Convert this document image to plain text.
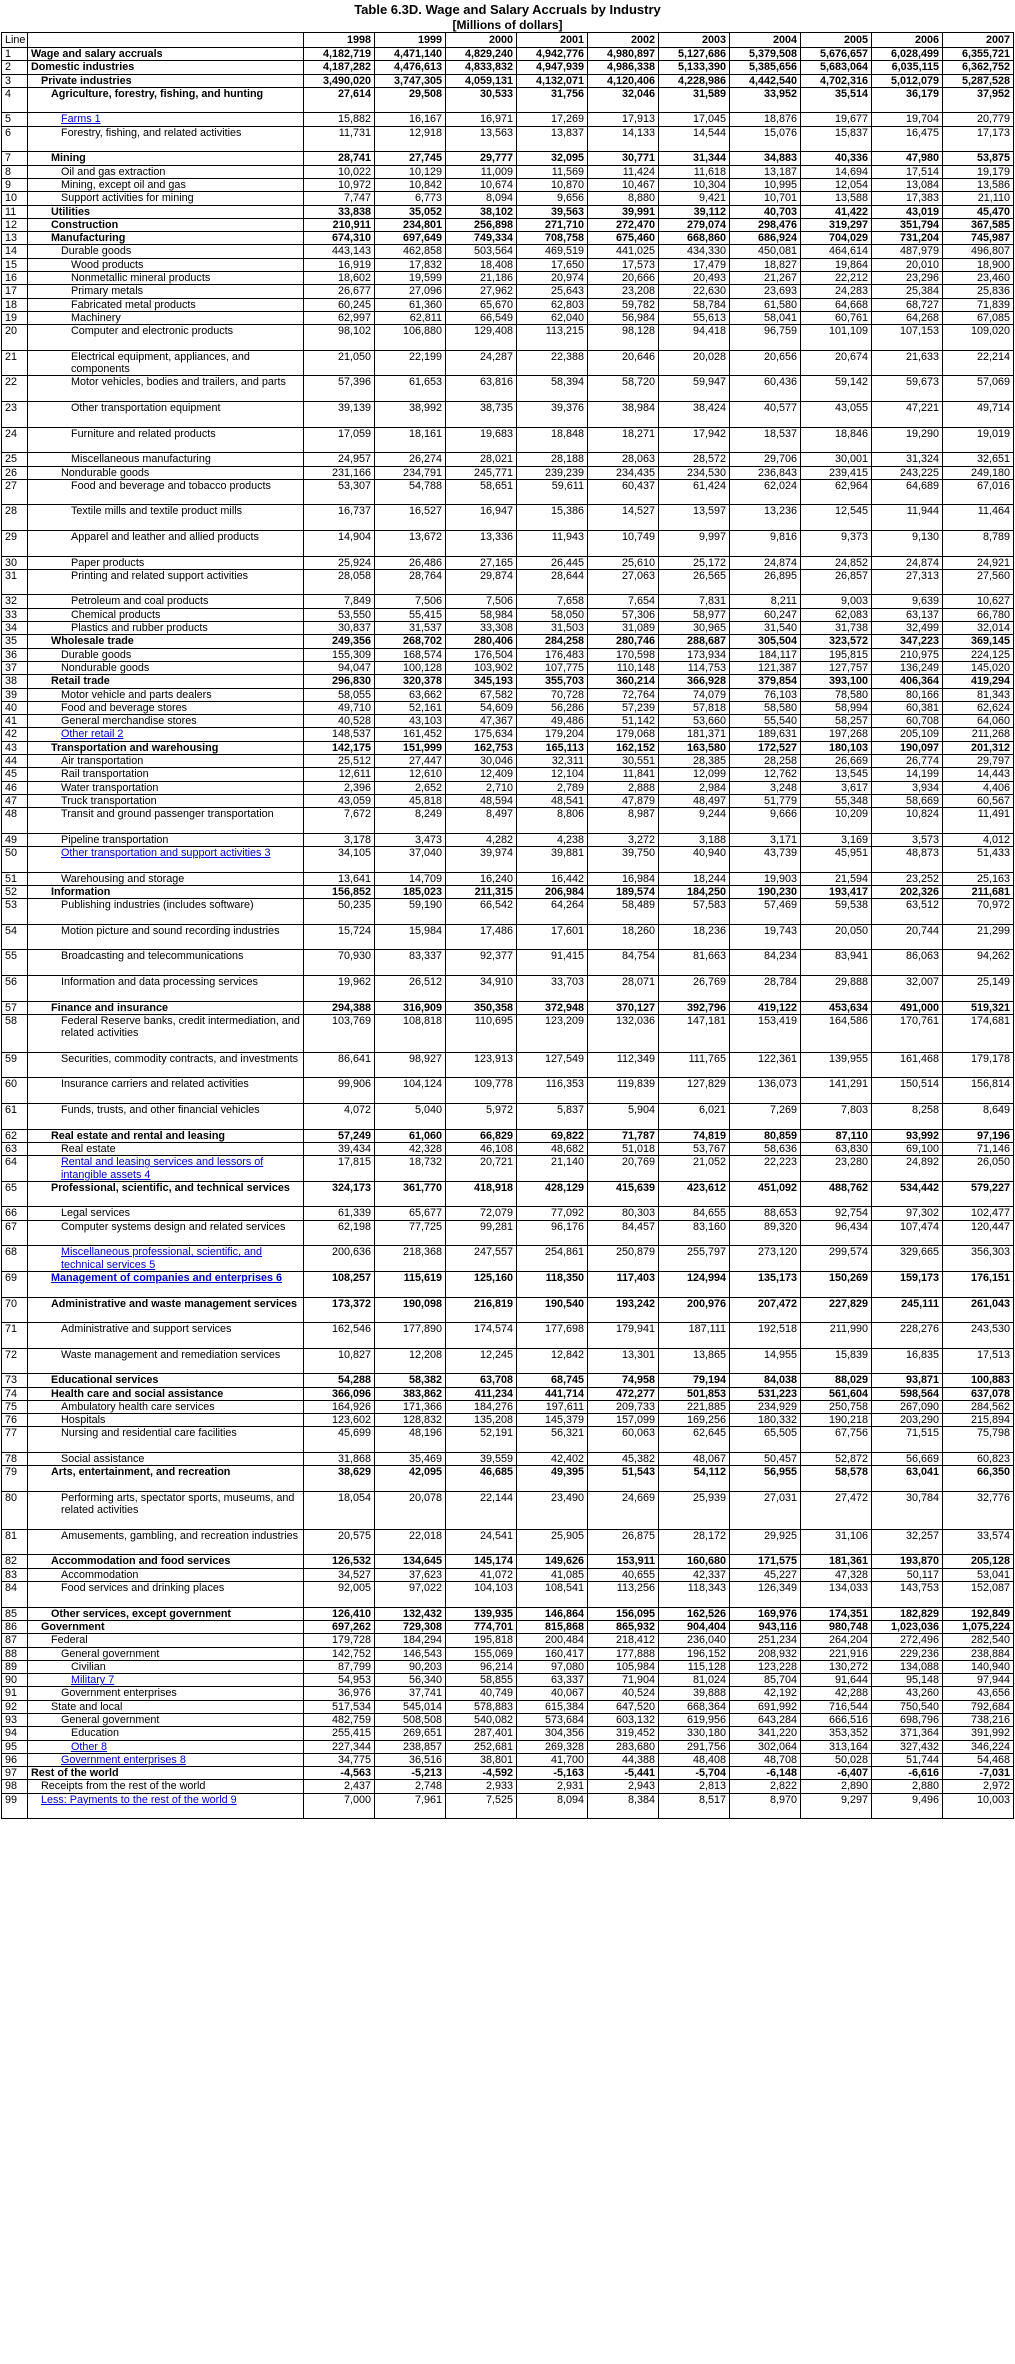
Table 6.3D. Wage and Salary Accruals by Industry
[Millions of dollars]
Line		1998	1999	2000	2001	2002	2003	2004	2005	2006	2007
1	Wage and salary accruals	4,182,719	4,471,140	4,829,240	4,942,776	4,980,897	5,127,686	5,379,508	5,676,657	6,028,499	6,355,721
2	Domestic industries	4,187,282	4,476,613	4,833,832	4,947,939	4,986,338	5,133,390	5,385,656	5,683,064	6,035,115	6,362,752
3	Private industries	3,490,020	3,747,305	4,059,131	4,132,071	4,120,406	4,228,986	4,442,540	4,702,316	5,012,079	5,287,528
4	Agriculture, forestry, fishing, and hunting	27,614	29,508	30,533	31,756	32,046	31,589	33,952	35,514	36,179	37,952
5	Farms 1	15,882	16,167	16,971	17,269	17,913	17,045	18,876	19,677	19,704	20,779
6	Forestry, fishing, and related activities	11,731	12,918	13,563	13,837	14,133	14,544	15,076	15,837	16,475	17,173
7	Mining	28,741	27,745	29,777	32,095	30,771	31,344	34,883	40,336	47,980	53,875
8	Oil and gas extraction	10,022	10,129	11,009	11,569	11,424	11,618	13,187	14,694	17,514	19,179
9	Mining, except oil and gas	10,972	10,842	10,674	10,870	10,467	10,304	10,995	12,054	13,084	13,586
10	Support activities for mining	7,747	6,773	8,094	9,656	8,880	9,421	10,701	13,588	17,383	21,110
11	Utilities	33,838	35,052	38,102	39,563	39,991	39,112	40,703	41,422	43,019	45,470
12	Construction	210,911	234,801	256,898	271,710	272,470	279,074	298,476	319,297	351,794	367,585
13	Manufacturing	674,310	697,649	749,334	708,758	675,460	668,860	686,924	704,029	731,204	745,987
14	Durable goods	443,143	462,858	503,564	469,519	441,025	434,330	450,081	464,614	487,979	496,807
15	Wood products	16,919	17,832	18,408	17,650	17,573	17,479	18,827	19,864	20,010	18,900
16	Nonmetallic mineral products	18,602	19,599	21,186	20,974	20,666	20,493	21,267	22,212	23,296	23,460
17	Primary metals	26,677	27,096	27,962	25,643	23,208	22,630	23,693	24,283	25,384	25,836
18	Fabricated metal products	60,245	61,360	65,670	62,803	59,782	58,784	61,580	64,668	68,727	71,839
19	Machinery	62,997	62,811	66,549	62,040	56,984	55,613	58,041	60,761	64,268	67,085
20	Computer and electronic products	98,102	106,880	129,408	113,215	98,128	94,418	96,759	101,109	107,153	109,020
21	Electrical equipment, appliances, and components	21,050	22,199	24,287	22,388	20,646	20,028	20,656	20,674	21,633	22,214
22	Motor vehicles, bodies and trailers, and parts	57,396	61,653	63,816	58,394	58,720	59,947	60,436	59,142	59,673	57,069
23	Other transportation equipment	39,139	38,992	38,735	39,376	38,984	38,424	40,577	43,055	47,221	49,714
24	Furniture and related products	17,059	18,161	19,683	18,848	18,271	17,942	18,537	18,846	19,290	19,019
25	Miscellaneous manufacturing	24,957	26,274	28,021	28,188	28,063	28,572	29,706	30,001	31,324	32,651
26	Nondurable goods	231,166	234,791	245,771	239,239	234,435	234,530	236,843	239,415	243,225	249,180
27	Food and beverage and tobacco products	53,307	54,788	58,651	59,611	60,437	61,424	62,024	62,964	64,689	67,016
28	Textile mills and textile product mills	16,737	16,527	16,947	15,386	14,527	13,597	13,236	12,545	11,944	11,464
29	Apparel and leather and allied products	14,904	13,672	13,336	11,943	10,749	9,997	9,816	9,373	9,130	8,789
30	Paper products	25,924	26,486	27,165	26,445	25,610	25,172	24,874	24,852	24,874	24,921
31	Printing and related support activities	28,058	28,764	29,874	28,644	27,063	26,565	26,895	26,857	27,313	27,560
32	Petroleum and coal products	7,849	7,506	7,506	7,658	7,654	7,831	8,211	9,003	9,639	10,627
33	Chemical products	53,550	55,415	58,984	58,050	57,306	58,977	60,247	62,083	63,137	66,780
34	Plastics and rubber products	30,837	31,537	33,308	31,503	31,089	30,965	31,540	31,738	32,499	32,014
35	Wholesale trade	249,356	268,702	280,406	284,258	280,746	288,687	305,504	323,572	347,223	369,145
36	Durable goods	155,309	168,574	176,504	176,483	170,598	173,934	184,117	195,815	210,975	224,125
37	Nondurable goods	94,047	100,128	103,902	107,775	110,148	114,753	121,387	127,757	136,249	145,020
38	Retail trade	296,830	320,378	345,193	355,703	360,214	366,928	379,854	393,100	406,364	419,294
39	Motor vehicle and parts dealers	58,055	63,662	67,582	70,728	72,764	74,079	76,103	78,580	80,166	81,343
40	Food and beverage stores	49,710	52,161	54,609	56,286	57,239	57,818	58,580	58,994	60,381	62,624
41	General merchandise stores	40,528	43,103	47,367	49,486	51,142	53,660	55,540	58,257	60,708	64,060
42	Other retail 2	148,537	161,452	175,634	179,204	179,068	181,371	189,631	197,268	205,109	211,268
43	Transportation and warehousing	142,175	151,999	162,753	165,113	162,152	163,580	172,527	180,103	190,097	201,312
44	Air transportation	25,512	27,447	30,046	32,311	30,551	28,385	28,258	26,669	26,774	29,797
45	Rail transportation	12,611	12,610	12,409	12,104	11,841	12,099	12,762	13,545	14,199	14,443
46	Water transportation	2,396	2,652	2,710	2,789	2,888	2,984	3,248	3,617	3,934	4,406
47	Truck transportation	43,059	45,818	48,594	48,541	47,879	48,497	51,779	55,348	58,669	60,567
48	Transit and ground passenger transportation	7,672	8,249	8,497	8,806	8,987	9,244	9,666	10,209	10,824	11,491
49	Pipeline transportation	3,178	3,473	4,282	4,238	3,272	3,188	3,171	3,169	3,573	4,012
50	Other transportation and support activities 3	34,105	37,040	39,974	39,881	39,750	40,940	43,739	45,951	48,873	51,433
51	Warehousing and storage	13,641	14,709	16,240	16,442	16,984	18,244	19,903	21,594	23,252	25,163
52	Information	156,852	185,023	211,315	206,984	189,574	184,250	190,230	193,417	202,326	211,681
53	Publishing industries (includes software)	50,235	59,190	66,542	64,264	58,489	57,583	57,469	59,538	63,512	70,972
54	Motion picture and sound recording industries	15,724	15,984	17,486	17,601	18,260	18,236	19,743	20,050	20,744	21,299
55	Broadcasting and telecommunications	70,930	83,337	92,377	91,415	84,754	81,663	84,234	83,941	86,063	94,262
56	Information and data processing services	19,962	26,512	34,910	33,703	28,071	26,769	28,784	29,888	32,007	25,149
57	Finance and insurance	294,388	316,909	350,358	372,948	370,127	392,796	419,122	453,634	491,000	519,321
58	Federal Reserve banks, credit intermediation, and related activities	103,769	108,818	110,695	123,209	132,036	147,181	153,419	164,586	170,761	174,681
59	Securities, commodity contracts, and investments	86,641	98,927	123,913	127,549	112,349	111,765	122,361	139,955	161,468	179,178
60	Insurance carriers and related activities	99,906	104,124	109,778	116,353	119,839	127,829	136,073	141,291	150,514	156,814
61	Funds, trusts, and other financial vehicles	4,072	5,040	5,972	5,837	5,904	6,021	7,269	7,803	8,258	8,649
62	Real estate and rental and leasing	57,249	61,060	66,829	69,822	71,787	74,819	80,859	87,110	93,992	97,196
63	Real estate	39,434	42,328	46,108	48,682	51,018	53,767	58,636	63,830	69,100	71,146
64	Rental and leasing services and lessors of intangible assets 4	17,815	18,732	20,721	21,140	20,769	21,052	22,223	23,280	24,892	26,050
65	Professional, scientific, and technical services	324,173	361,770	418,918	428,129	415,639	423,612	451,092	488,762	534,442	579,227
66	Legal services	61,339	65,677	72,079	77,092	80,303	84,655	88,653	92,754	97,302	102,477
67	Computer systems design and related services	62,198	77,725	99,281	96,176	84,457	83,160	89,320	96,434	107,474	120,447
68	Miscellaneous professional, scientific, and technical services 5	200,636	218,368	247,557	254,861	250,879	255,797	273,120	299,574	329,665	356,303
69	Management of companies and enterprises 6	108,257	115,619	125,160	118,350	117,403	124,994	135,173	150,269	159,173	176,151
70	Administrative and waste management services	173,372	190,098	216,819	190,540	193,242	200,976	207,472	227,829	245,111	261,043
71	Administrative and support services	162,546	177,890	174,574	177,698	179,941	187,111	192,518	211,990	228,276	243,530
72	Waste management and remediation services	10,827	12,208	12,245	12,842	13,301	13,865	14,955	15,839	16,835	17,513
73	Educational services	54,288	58,382	63,708	68,745	74,958	79,194	84,038	88,029	93,871	100,883
74	Health care and social assistance	366,096	383,862	411,234	441,714	472,277	501,853	531,223	561,604	598,564	637,078
75	Ambulatory health care services	164,926	171,366	184,276	197,611	209,733	221,885	234,929	250,758	267,090	284,562
76	Hospitals	123,602	128,832	135,208	145,379	157,099	169,256	180,332	190,218	203,290	215,894
77	Nursing and residential care facilities	45,699	48,196	52,191	56,321	60,063	62,645	65,505	67,756	71,515	75,798
78	Social assistance	31,868	35,469	39,559	42,402	45,382	48,067	50,457	52,872	56,669	60,823
79	Arts, entertainment, and recreation	38,629	42,095	46,685	49,395	51,543	54,112	56,955	58,578	63,041	66,350
80	Performing arts, spectator sports, museums, and related activities	18,054	20,078	22,144	23,490	24,669	25,939	27,031	27,472	30,784	32,776
81	Amusements, gambling, and recreation industries	20,575	22,018	24,541	25,905	26,875	28,172	29,925	31,106	32,257	33,574
82	Accommodation and food services	126,532	134,645	145,174	149,626	153,911	160,680	171,575	181,361	193,870	205,128
83	Accommodation	34,527	37,623	41,072	41,085	40,655	42,337	45,227	47,328	50,117	53,041
84	Food services and drinking places	92,005	97,022	104,103	108,541	113,256	118,343	126,349	134,033	143,753	152,087
85	Other services, except government	126,410	132,432	139,935	146,864	156,095	162,526	169,976	174,351	182,829	192,849
86	Government	697,262	729,308	774,701	815,868	865,932	904,404	943,116	980,748	1,023,036	1,075,224
87	Federal	179,728	184,294	195,818	200,484	218,412	236,040	251,234	264,204	272,496	282,540
88	General government	142,752	146,543	155,069	160,417	177,888	196,152	208,932	221,916	229,236	238,884
89	Civilian	87,799	90,203	96,214	97,080	105,984	115,128	123,228	130,272	134,088	140,940
90	Military 7	54,953	56,340	58,855	63,337	71,904	81,024	85,704	91,644	95,148	97,944
91	Government enterprises	36,976	37,741	40,749	40,067	40,524	39,888	42,192	42,288	43,260	43,656
92	State and local	517,534	545,014	578,883	615,384	647,520	668,364	691,992	716,544	750,540	792,684
93	General government	482,759	508,508	540,082	573,684	603,132	619,956	643,284	666,516	698,796	738,216
94	Education	255,415	269,651	287,401	304,356	319,452	330,180	341,220	353,352	371,364	391,992
95	Other 8	227,344	238,857	252,681	269,328	283,680	291,756	302,064	313,164	327,432	346,224
96	Government enterprises 8	34,775	36,516	38,801	41,700	44,388	48,408	48,708	50,028	51,744	54,468
97	Rest of the world	-4,563	-5,213	-4,592	-5,163	-5,441	-5,704	-6,148	-6,407	-6,616	-7,031
98	Receipts from the rest of the world	2,437	2,748	2,933	2,931	2,943	2,813	2,822	2,890	2,880	2,972
99	Less: Payments to the rest of the world 9	7,000	7,961	7,525	8,094	8,384	8,517	8,970	9,297	9,496	10,003
